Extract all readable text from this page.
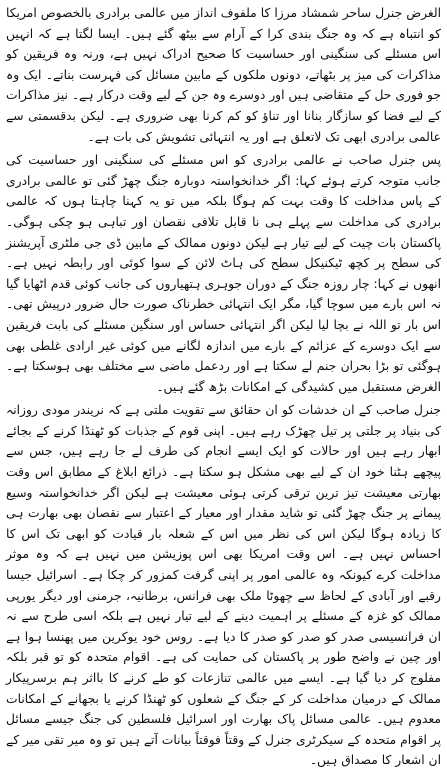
الغرض جنرل ساحر شمشاد مرزا کا ملفوف انداز میں عالمی برادری بالخصوص امریکا کو انتباہ ہے کہ وہ جنگ بندی کرا کے آرام سے بیٹھ گئے ہیں۔ ایسا لگتا ہے کہ انہیں اس مسئلے کی سنگینی اور حساسیت کا صحیح ادراک نہیں ہے، ورنہ وہ فریقین کو مذاکرات کی میز پر بٹھاتے، دونوں ملکوں کے مابین مسائل کی فہرست بناتے۔ ایک وہ جو فوری حل کے متقاضی ہیں اور دوسرے وہ جن کے لیے وقت درکار ہے۔ نیز مذاکرات کے لیے فضا کو سازگار بنانا اور تناؤ کو کم کرنا بھی ضروری ہے۔ لیکن بدقسمتی سے عالمی برادری ابھی تک لاتعلق ہے اور یہ انتہائی تشویش کی بات ہے۔

پس جنرل صاحب نے عالمی برادری کو اس مسئلے کی سنگینی اور حساسیت کی جانب متوجہ کرتے ہوئے کہا: اگر خدانخواستہ دوبارہ جنگ چھڑ گئی تو عالمی برادری کے پاس مداخلت کا وقت بہت کم ہوگا بلکہ میں تو یہ کہنا چاہتا ہوں کہ عالمی برادری کی مداخلت سے پہلے ہی نا قابل تلافی نقصان اور تباہی ہو چکی ہوگی۔ پاکستان بات چیت کے لیے تیار ہے لیکن دونوں ممالک کے مابین ڈی جی ملٹری آپریشنز کی سطح پر کچھ ٹیکنیکل سطح کی ہاٹ لائن کے سوا کوئی اور رابطہ نہیں ہے۔ انھوں نے کہا: چار روزہ جنگ کے دوران جوہری ہتھیاروں کی جانب کوئی قدم اٹھایا گیا نہ اس بارے میں سوچا گیا، مگر ایک انتہائی خطرناک صورت حال ضرور درپیش تھی۔ اس بار تو اللہ نے بچا لیا لیکن اگر انتہائی حساس اور سنگین مسئلے کی بابت فریقین سے ایک دوسرے کے عزائم کے بارے میں اندازہ لگانے میں کوئی غیر ارادی غلطی بھی ہوگئی تو بڑا بحران جنم لے سکتا ہے اور ردعمل ماضی سے مختلف بھی ہوسکتا ہے۔ الغرض مستقبل میں کشیدگی کے امکانات بڑھ گئے ہیں۔

جنرل صاحب کے ان خدشات کو ان حقائق سے تقویت ملتی ہے کہ نریندر مودی روزانہ کی بنیاد پر جلتی پر تیل چھڑک رہے ہیں۔ اپنی قوم کے جذبات کو ٹھنڈا کرنے کے بجائے ابھار رہے ہیں اور حالات کو ایک ایسے انجام کی طرف لے جا رہے ہیں، جس سے پیچھے ہٹنا خود ان کے لیے بھی مشکل ہو سکتا ہے۔ ذرائع ابلاغ کے مطابق اس وقت بھارتی معیشت تیز ترین ترقی کرتی ہوئی معیشت ہے لیکن اگر خدانخواستہ وسیع پیمانے پر جنگ چھڑ گئی تو شاید مقدار اور معیار کے اعتبار سے نقصان بھی بھارت ہی کا زیادہ ہوگا لیکن اس کی نظر میں اس کے شعلہ بار قیادت کو ابھی تک اس کا احساس نہیں ہے۔ اس وقت امریکا بھی اس پوزیشن میں نہیں ہے کہ وہ موثر مداخلت کرے کیونکہ وہ عالمی امور پر اپنی گرفت کمزور کر چکا ہے۔ اسرائیل جیسا رقبے اور آبادی کے لحاظ سے چھوٹا ملک بھی فرانس، برطانیہ، جرمنی اور دیگر یورپی ممالک کو غزہ کے مسئلے پر اہمیت دینے کے لیے تیار نہیں ہے بلکہ اسی طرح سے نہ ان فرانسیسی صدر کو صدر کو صدر کا دیا ہے۔ روس خود یوکرین میں پھنسا ہوا ہے اور چین نے واضح طور پر پاکستان کی حمایت کی ہے۔ اقوام متحدہ کو تو قبر بلکہ مفلوج کر دیا گیا ہے۔ ایسے میں عالمی تنازعات کو طے کرنے کا بااثر ہم برسرپیکار ممالک کے درمیان مداخلت کر کے جنگ کے شعلوں کو ٹھنڈا کرنے یا بجھانے کے امکانات معدوم ہیں۔ عالمی مسائل پاک بھارت اور اسرائیل فلسطین کی جنگ جیسے مسائل پر اقوام متحدہ کے سیکرٹری جنرل کے وقتاً فوقتاً بیانات آتے ہیں تو وہ میر تقی میر کے ان اشعار کا مصداق ہیں۔
